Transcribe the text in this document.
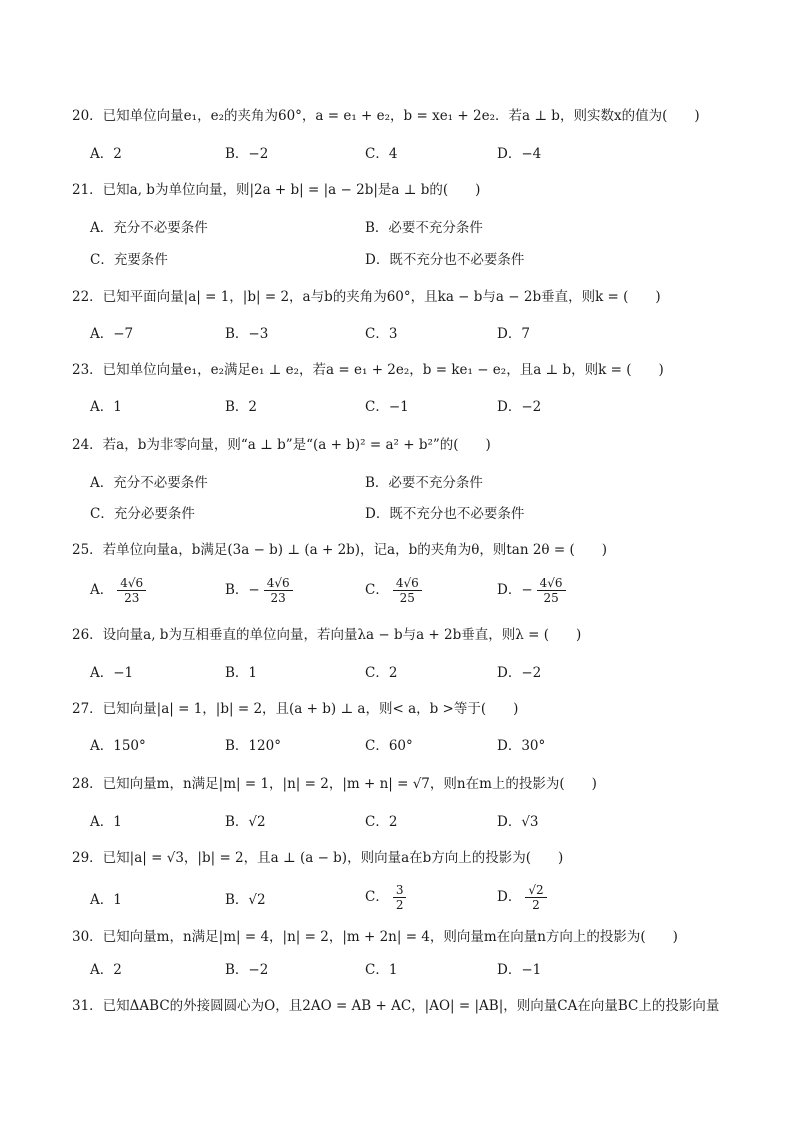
20．已知单位向量e₁，e₂的夹角为60°，a = e₁ + e₂，b = xe₁ + 2e₂．若a ⊥ b，则实数x的值为(　　)
A．2	B．−2	C．4	D．−4
21．已知a, b为单位向量，则|2a + b| = |a − 2b|是a ⊥ b的(　　)
A．充分不必要条件	B．必要不充分条件
C．充要条件	D．既不充分也不必要条件
22．已知平面向量|a| = 1，|b| = 2，a与b的夹角为60°，且ka − b与a − 2b垂直，则k = (　　)
A．−7	B．−3	C．3	D．7
23．已知单位向量e₁，e₂满足e₁ ⊥ e₂，若a = e₁ + 2e₂，b = ke₁ − e₂，且a ⊥ b，则k = (　　)
A．1	B．2	C．−1	D．−2
24．若a，b为非零向量，则“a ⊥ b”是“(a + b)² = a² + b²”的(　　)
A．充分不必要条件	B．必要不充分条件
C．充分必要条件	D．既不充分也不必要条件
25．若单位向量a，b满足(3a − b) ⊥ (a + 2b)，记a，b的夹角为θ，则tan 2θ = (　　)
A． $\frac{4√6}{23}$	B．− $\frac{4√6}{23}$	C． $\frac{4√6}{25}$	D．− $\frac{4√6}{25}$
26．设向量a, b为互相垂直的单位向量，若向量λa − b与a + 2b垂直，则λ = (　　)
A．−1	B．1	C．2	D．−2
27．已知向量|a| = 1，|b| = 2，且(a + b) ⊥ a，则< a，b >等于(　　)
A．150°	B．120°	C．60°	D．30°
28．已知向量m，n满足|m| = 1，|n| = 2，|m + n| = √7，则n在m上的投影为(　　)
A．1	B．√2	C．2	D．√3
29．已知|a| = √3，|b| = 2，且a ⊥ (a − b)，则向量a在b方向上的投影为(　　)
A．1	B．√2	C． $\frac{3}{2}$	D． $\frac{√2}{2}$
30．已知向量m，n满足|m| = 4，|n| = 2，|m + 2n| = 4，则向量m在向量n方向上的投影为(　　)
A．2	B．−2	C．1	D．−1
31．已知ΔABC的外接圆圆心为O，且2AO = AB + AC，|AO| = |AB|，则向量CA在向量BC上的投影向量
